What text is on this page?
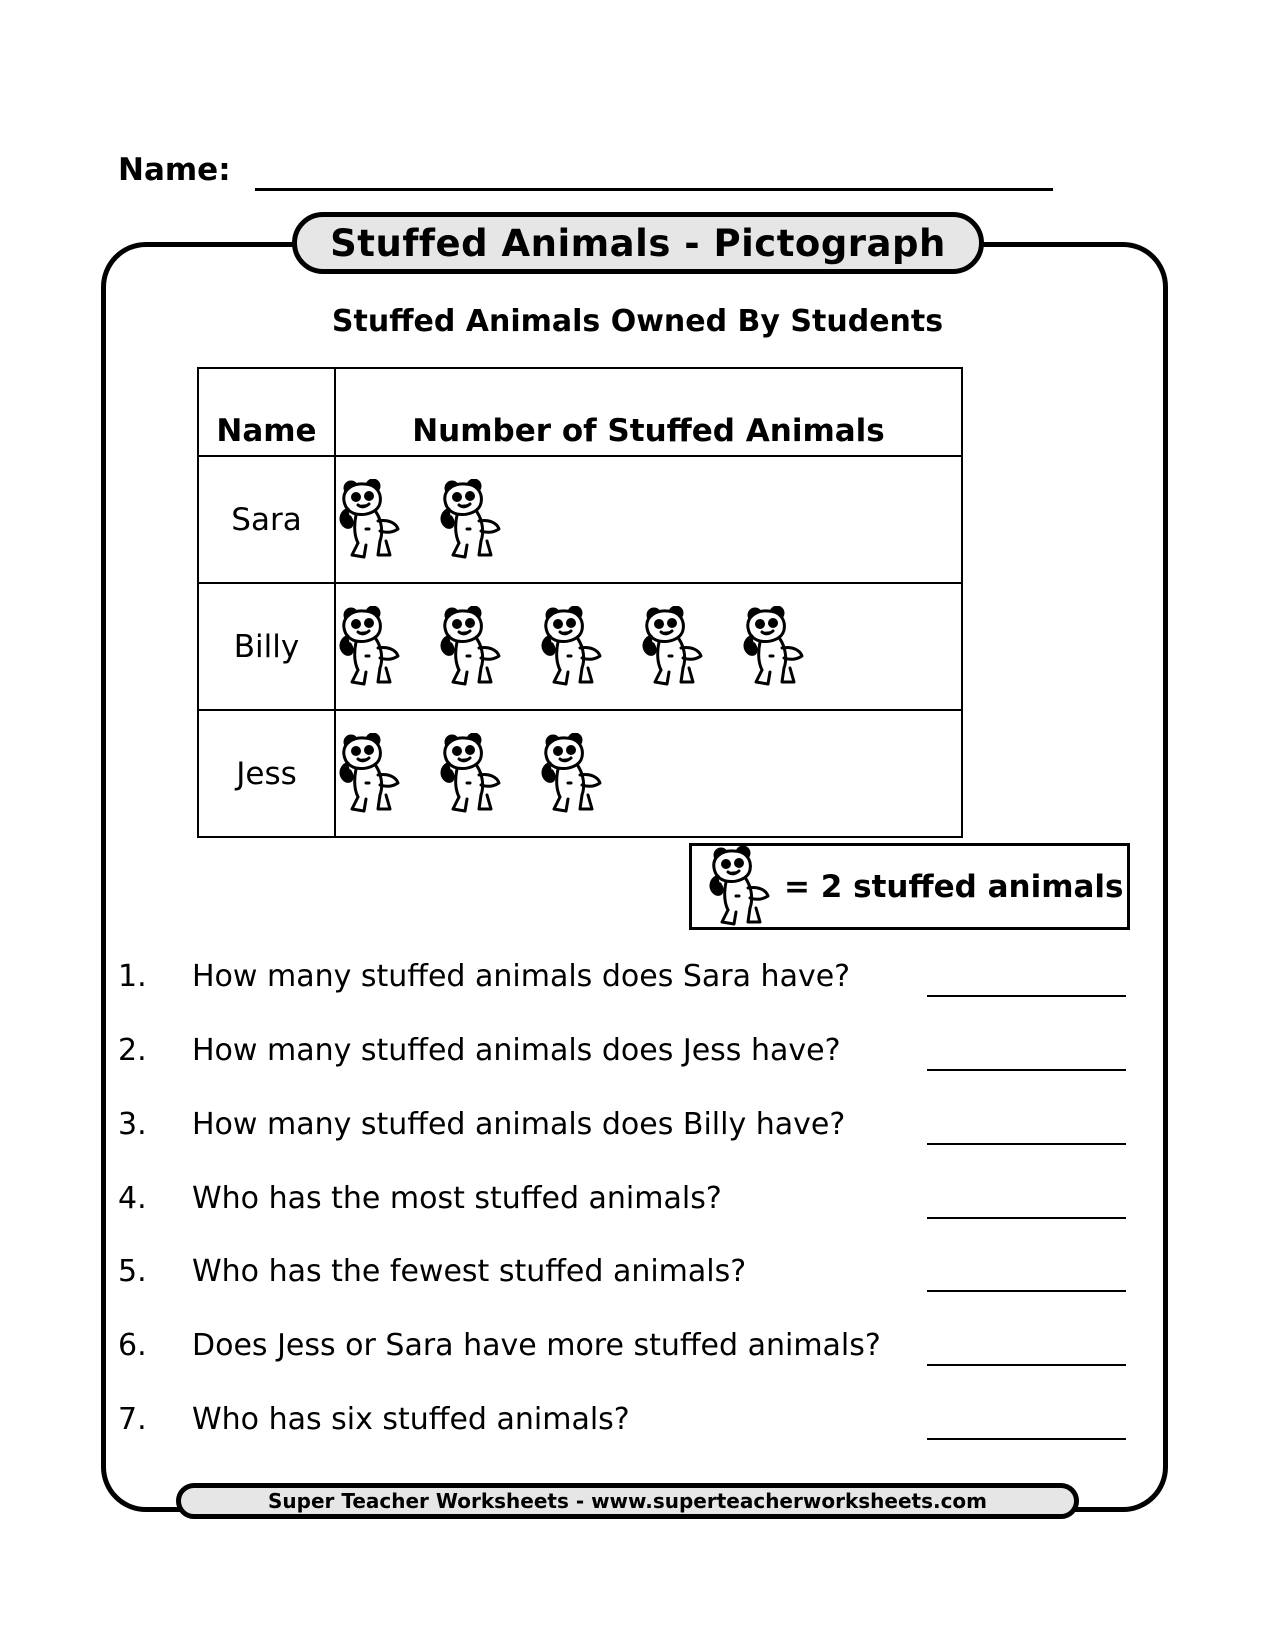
Name:
Stuffed Animals - Pictograph
Stuffed Animals Owned By Students
Name	Number of Stuffed Animals
Sara	

Billy	

Jess	
= 2 stuffed animals
1. How many stuffed animals does Sara have?
2. How many stuffed animals does Jess have?
3. How many stuffed animals does Billy have?
4. Who has the most stuffed animals?
5. Who has the fewest stuffed animals?
6. Does Jess or Sara have more stuffed animals?
7. Who has six stuffed animals?
Super Teacher Worksheets - www.superteacherworksheets.com
